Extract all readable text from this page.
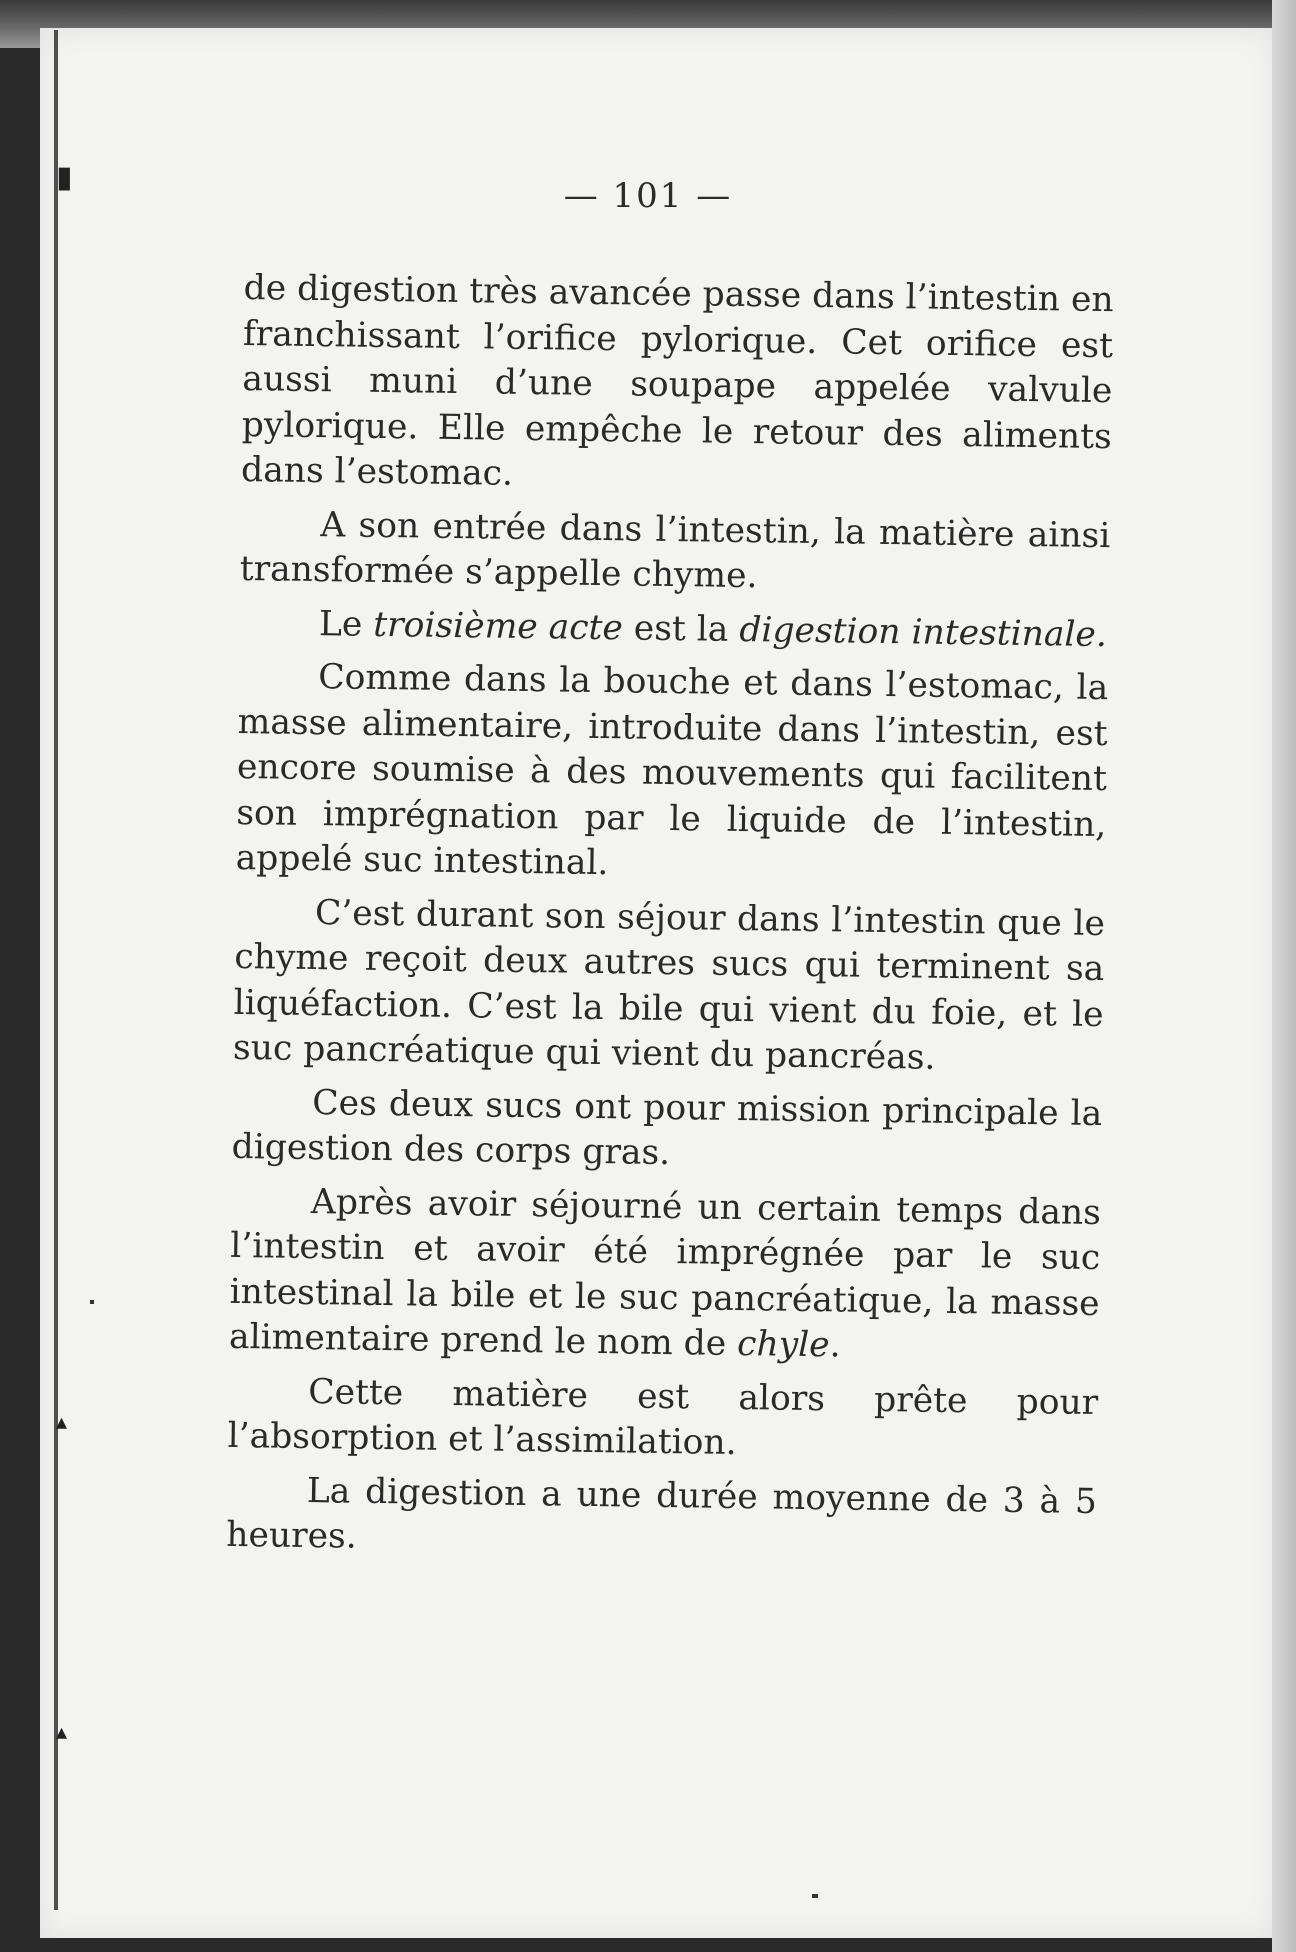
▮
▴
▴
— 101 —

de digestion très avancée passe dans l’intestin en franchissant l’orifice pylorique. Cet orifice est aussi muni d’une soupape appelée valvule pylorique. Elle empêche le retour des aliments dans l’estomac.

A son entrée dans l’intestin, la matière ainsi transformée s’appelle chyme.

Le troisième acte est la digestion intestinale.

Comme dans la bouche et dans l’estomac, la masse alimentaire, introduite dans l’intestin, est encore soumise à des mouvements qui facilitent son imprégnation par le liquide de l’intestin, appelé suc intestinal.

C’est durant son séjour dans l’intestin que le chyme reçoit deux autres sucs qui terminent sa liquéfaction. C’est la bile qui vient du foie, et le suc pancréatique qui vient du pancréas.

Ces deux sucs ont pour mission principale la digestion des corps gras.

Après avoir séjourné un certain temps dans l’intestin et avoir été imprégnée par le suc intestinal la bile et le suc pancréatique, la masse alimentaire prend le nom de chyle.

Cette matière est alors prête pour l’absorption et l’assimilation.

La digestion a une durée moyenne de 3 à 5 heures.
